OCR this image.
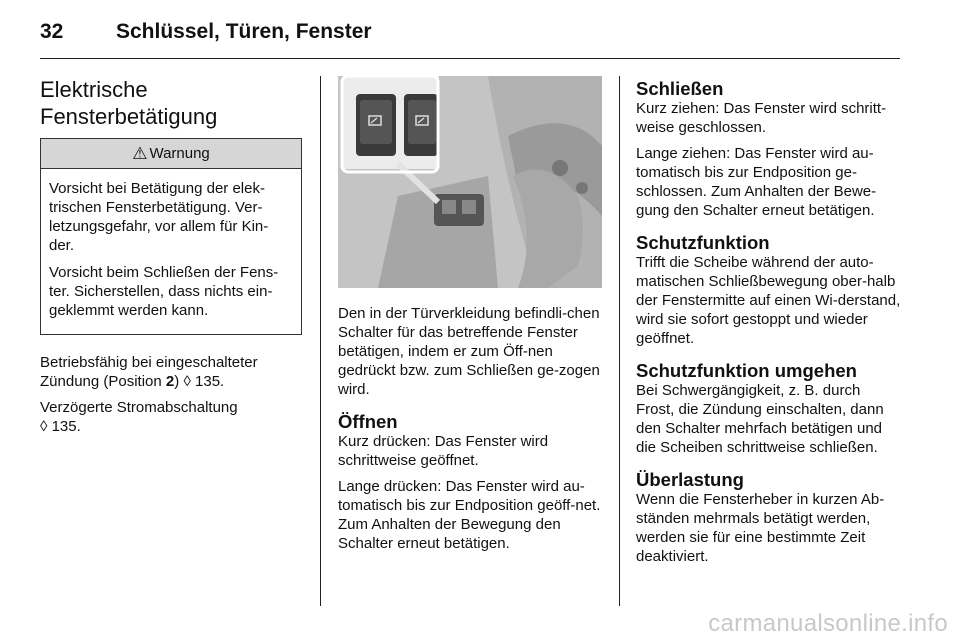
32	Schlüssel, Türen, Fenster
Elektrische
Fensterbetätigung
⚠ Warnung

Vorsicht bei Betätigung der elek-trischen Fensterbetätigung. Ver-letzungsgefahr, vor allem für Kin-der.

Vorsicht beim Schließen der Fens-ter. Sicherstellen, dass nichts ein-geklemmt werden kann.

Betriebsfähig bei eingeschalteter Zündung (Position 2) ◊ 135.

Verzögerte Stromabschaltung
◊ 135.

Den in der Türverkleidung befindli-chen Schalter für das betreffende Fenster betätigen, indem er zum Öff-nen gedrückt bzw. zum Schließen ge-zogen wird.

Öffnen

Kurz drücken: Das Fenster wird schrittweise geöffnet.

Lange drücken: Das Fenster wird au-tomatisch bis zur Endposition geöff-net. Zum Anhalten der Bewegung den Schalter erneut betätigen.

Schließen

Kurz ziehen: Das Fenster wird schritt-weise geschlossen.

Lange ziehen: Das Fenster wird au-tomatisch bis zur Endposition ge-schlossen. Zum Anhalten der Bewe-gung den Schalter erneut betätigen.

Schutzfunktion

Trifft die Scheibe während der auto-matischen Schließbewegung ober-halb der Fenstermitte auf einen Wi-derstand, wird sie sofort gestoppt und wieder geöffnet.

Schutzfunktion umgehen

Bei Schwergängigkeit, z. B. durch Frost, die Zündung einschalten, dann den Schalter mehrfach betätigen und die Scheiben schrittweise schließen.

Überlastung

Wenn die Fensterheber in kurzen Ab-ständen mehrmals betätigt werden, werden sie für eine bestimmte Zeit deaktiviert.

carmanualsonline.info
